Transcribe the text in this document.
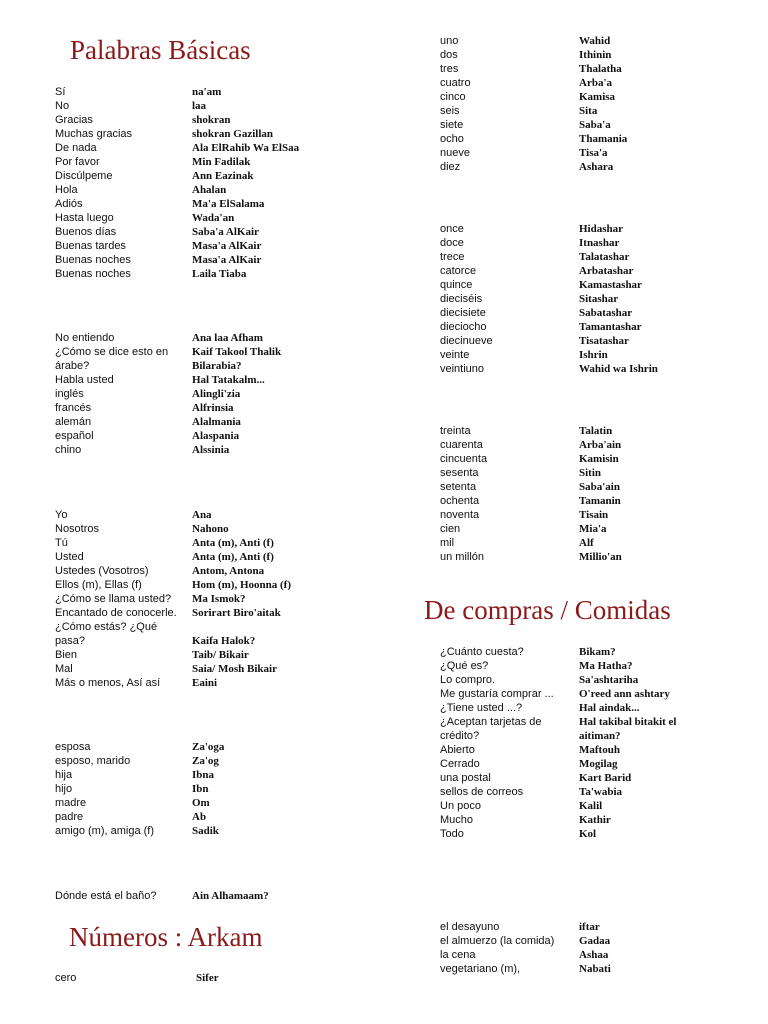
Palabras Básicas
Números : Arkam
De compras / Comidas
Sí	na'am
No	laa
Gracias	shokran
Muchas gracias	shokran Gazillan
De nada	Ala ElRahib Wa ElSaa
Por favor	Min Fadilak
Discúlpeme	Ann Eazinak
Hola	Ahalan
Adiós	Ma'a ElSalama
Hasta luego	Wada'an
Buenos días	Saba'a AlKair
Buenas tardes	Masa'a AlKair
Buenas noches	Masa'a AlKair
Buenas noches	Laila Tiaba
No entiendo	Ana laa Afham
¿Cómo se dice esto en	Kaif Takool Thalik
árabe?	Bilarabia?
Habla usted	Hal Tatakalm...
inglés	Alingli'zia
francés	Alfrinsia
alemán	Alalmania
español	Alaspania
chino	Alssinia
Yo	Ana
Nosotros	Nahono
Tú	Anta (m), Anti (f)
Usted	Anta (m), Anti (f)
Ustedes (Vosotros)	Antom, Antona
Ellos (m), Ellas (f)	Hom (m), Hoonna (f)
¿Cómo se llama usted?	Ma Ismok?
Encantado de conocerle.	Sorirart Biro'aitak
¿Cómo estás? ¿Qué
pasa?	Kaifa Halok?
Bien	Taib/ Bikair
Mal	Saia/ Mosh Bikair
Más o menos, Así así	Eaini
esposa	Za'oga
esposo, marido	Za'og
hija	Ibna
hijo	Ibn
madre	Om
padre	Ab
amigo (m), amiga (f)	Sadik
Dónde está el baño?	Ain Alhamaam?
cero	Sifer
uno	Wahid
dos	Ithinin
tres	Thalatha
cuatro	Arba'a
cinco	Kamisa
seis	Sita
siete	Saba'a
ocho	Thamania
nueve	Tisa'a
diez	Ashara
once	Hidashar
doce	Itnashar
trece	Talatashar
catorce	Arbatashar
quince	Kamastashar
dieciséis	Sitashar
diecisiete	Sabatashar
dieciocho	Tamantashar
diecinueve	Tisatashar
veinte	Ishrin
veintiuno	Wahid wa Ishrin
treinta	Talatin
cuarenta	Arba'ain
cincuenta	Kamisin
sesenta	Sitin
setenta	Saba'ain
ochenta	Tamanin
noventa	Tisain
cien	Mia'a
mil	Alf
un millón	Millio'an
¿Cuánto cuesta?	Bikam?
¿Qué es?	Ma Hatha?
Lo compro.	Sa'ashtariha
Me gustaría comprar ...	O'reed ann ashtary
¿Tiene usted ...?	Hal aindak...
¿Aceptan tarjetas de	Hal takibal bitakit el
crédito?	aitiman?
Abierto	Maftouh
Cerrado	Mogilag
una postal	Kart Barid
sellos de correos	Ta'wabia
Un poco	Kalil
Mucho	Kathir
Todo	Kol
el desayuno	iftar
el almuerzo (la comida)	Gadaa
la cena	Ashaa
vegetariano (m),	Nabati
